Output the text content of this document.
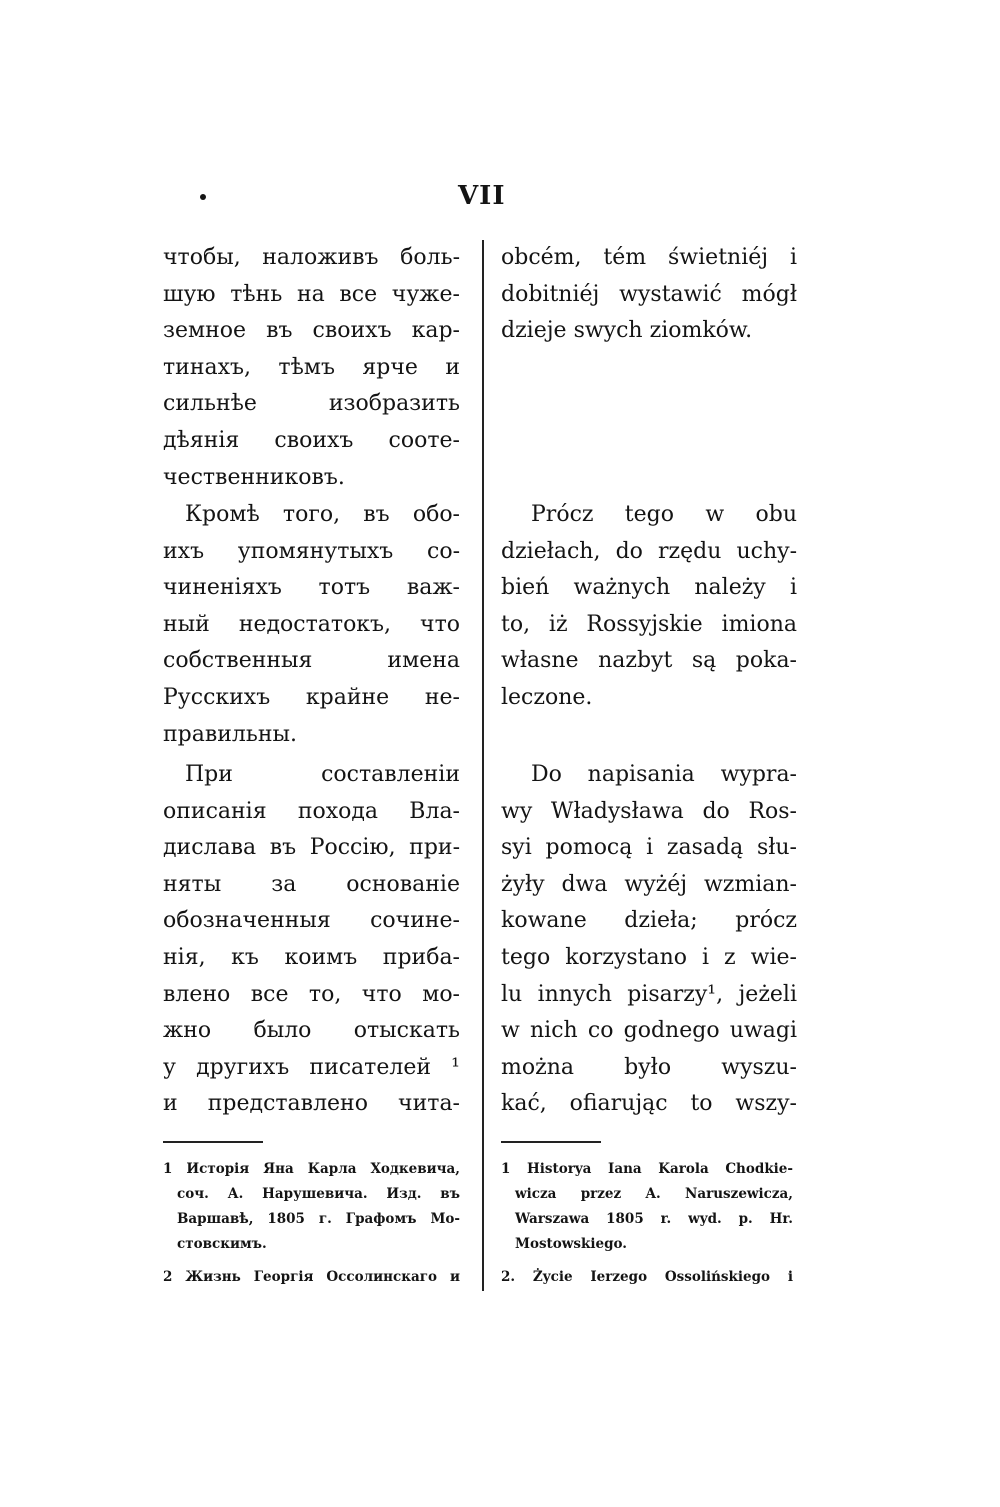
VII
чтобы, наложивъ боль-
шую тѣнь на все чуже-
земное въ своихъ кар-
тинахъ, тѣмъ ярче и
сильнѣе изобразить
дѣянія своихъ сооте-
чественниковъ.
Кромѣ того, въ обо-
ихъ упомянутыхъ со-
чиненіяхъ тотъ важ-
ный недостатокъ, что
собственныя имена
Русскихъ крайне не-
правильны.
При составленіи
описанія похода Вла-
дислава въ Россію, при-
няты за основаніе
обозначенныя сочине-
нія, къ коимъ приба-
влено все то, что мо-
жно было отыскать
у другихъ писателей ¹
и представлено чита-
obcém, tém świetniéj i
dobitniéj wystawić mógł
dzieje swych ziomków.
Prócz tego w obu
dziełach, do rzędu uchy-
bień ważnych należy i
to, iż Rossyjskie imiona
własne nazbyt są poka-
leczone.
Do napisania wypra-
wy Władysława do Ros-
syi pomocą i zasadą słu-
żyły dwa wyżéj wzmian-
kowane dzieła; prócz
tego korzystano i z wie-
lu innych pisarzy¹, jeżeli
w nich co godnego uwagi
można było wyszu-
kać, ofiarując to wszy-
1 Исторія Яна Карла Ходкевича,
соч. А. Нарушевича. Изд. въ
Варшавѣ, 1805 г. Графомъ Мо-
стовскимъ.
2 Жизнь Георгія Оссолинскаго и
1 Historya Iana Karola Chodkie-
wicza przez A. Naruszewicza,
Warszawa 1805 r. wyd. p. Hr.
Mostowskiego.
2. Życie Ierzego Ossolińskiego i
